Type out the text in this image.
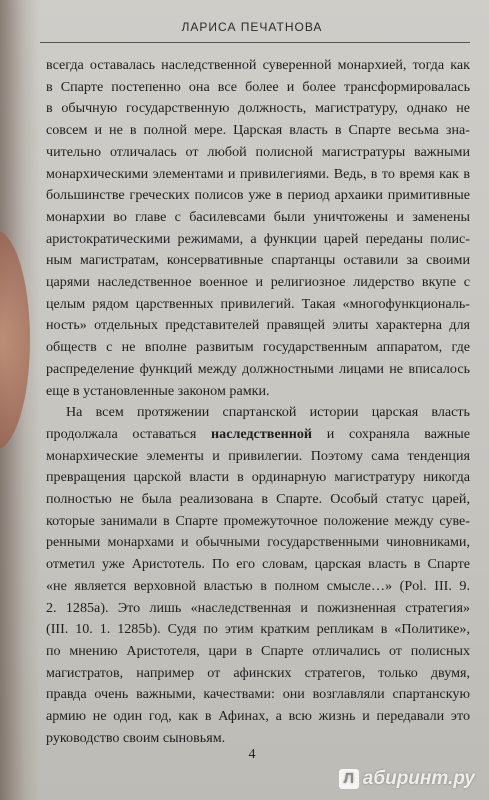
ЛАРИСА ПЕЧАТНОВА
всегда оставалась наследственной суверенной монархией, тогда как
в Спарте постепенно она все более и более трансформировалась
в обычную государственную должность, магистратуру, однако не
совсем и не в полной мере. Царская власть в Спарте весьма зна-
чительно отличалась от любой полисной магистратуры важными
монархическими элементами и привилегиями. Ведь, в то время как в
большинстве греческих полисов уже в период архаики примитивные
монархии во главе с басилевсами были уничтожены и заменены
аристократическими режимами, а функции царей переданы полис-
ным магистратам, консервативные спартанцы оставили за своими
царями наследственное военное и религиозное лидерство вкупе с
целым рядом царственных привилегий. Такая «многофункциональ-
ность» отдельных представителей правящей элиты характерна для
обществ с не вполне развитым государственным аппаратом, где
распределение функций между должностными лицами не вписалось
еще в установленные законом рамки.
На всем протяжении спартанской истории царская власть
продолжала оставаться наследственной и сохраняла важные
монархические элементы и привилегии. Поэтому сама тенденция
превращения царской власти в ординарную магистратуру никогда
полностью не была реализована в Спарте. Особый статус царей,
которые занимали в Спарте промежуточное положение между суве-
ренными монархами и обычными государственными чиновниками,
отметил уже Аристотель. По его словам, царская власть в Спарте
«не является верховной властью в полном смысле…» (Pol. III. 9.
2. 1285a). Это лишь «наследственная и пожизненная стратегия»
(III. 10. 1. 1285b). Судя по этим кратким репликам в «Политике»,
по мнению Аристотеля, цари в Спарте отличались от полисных
магистратов, например от афинских стратегов, только двумя,
правда очень важными, качествами: они возглавляли спартанскую
армию не один год, как в Афинах, а всю жизнь и передавали это
руководство своим сыновьям.
4
Л абиринт.ру
